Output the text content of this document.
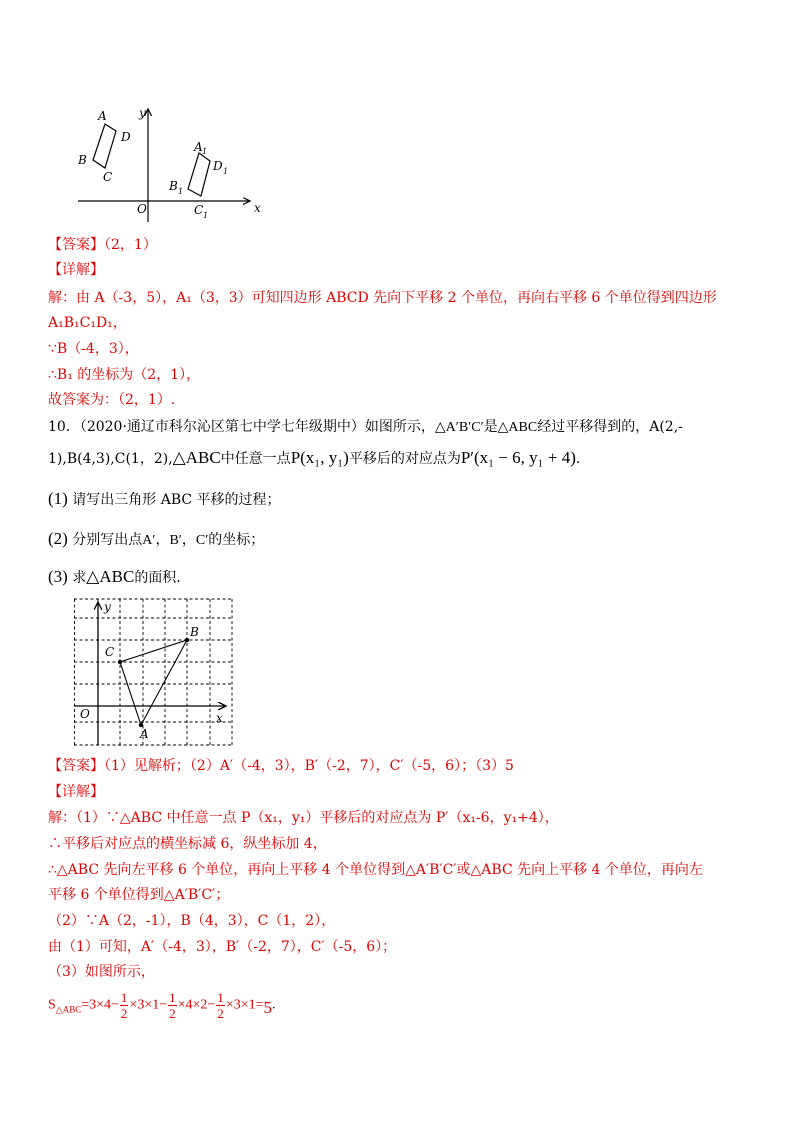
x
y
O
A
D
B
C
A 1
D 1
B 1
C 1
【答案】（2，1）
【详解】
解：由 A（-3，5），A₁（3，3）可知四边形 ABCD 先向下平移 2 个单位，再向右平移 6 个单位得到四边形
A₁B₁C₁D₁，
∵B（-4，3），
∴B₁ 的坐标为（2，1），
故答案为：（2，1）.
10．（2020·通辽市科尔沁区第七中学七年级期中）如图所示，△A′B′C′是△ABC经过平移得到的，A(2,-
1),B(4,3),C(1，2),△ABC中任意一点P(x₁, y₁)平移后的对应点为P′(x₁ − 6, y₁ + 4).
(1) 请写出三角形 ABC 平移的过程；
(2) 分别写出点A′，B′，C′的坐标；
(3) 求△ABC的面积.
x
y
O
A
B
C
【答案】（1）见解析；（2）A′（-4，3），B′（-2，7），C′（-5，6）；（3）5
【详解】
解：（1）∵△ABC 中任意一点 P（x₁，y₁）平移后的对应点为 P′（x₁-6，y₁+4），
∴平移后对应点的横坐标减 6，纵坐标加 4，
∴△ABC 先向左平移 6 个单位，再向上平移 4 个单位得到△A′B′C′或△ABC 先向上平移 4 个单位，再向左
平移 6 个单位得到△A′B′C′；
（2）∵A（2，-1），B（4，3），C（1，2），
由（1）可知，A′（-4，3），B′（-2，7），C′（-5，6）；
（3）如图所示，
$S_{\triangle ABC}=3\times 4- \frac{1}{2} \times 3\times 1- \frac{1}{2} \times 4\times 2- \frac{1}{2} \times 3\times 1=5$.
